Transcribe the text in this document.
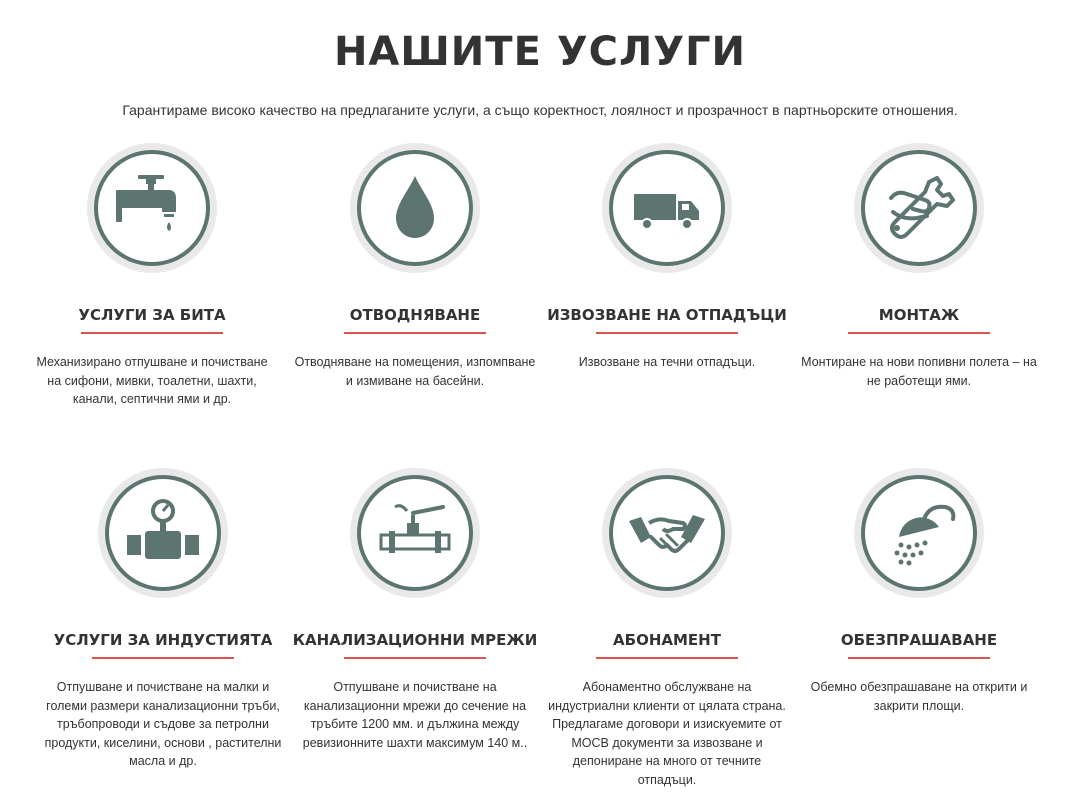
НАШИТЕ УСЛУГИ

Гарантираме високо качество на предлаганите услуги, а също коректност, лоялност и прозрачност в партньорските отношения.

УСЛУГИ ЗА БИТА

Механизирано отпушване и почистване на сифони, мивки, тоалетни, шахти, канали, септични ями и др.

ОТВОДНЯВАНЕ

Отводняване на помещения, изпомпване и измиване на басейни.

ИЗВОЗВАНЕ НА ОТПАДЪЦИ

Извозване на течни отпадъци.

МОНТАЖ

Монтиране на нови попивни полета – на не работещи ями.

УСЛУГИ ЗА ИНДУСТИЯТА

Отпушване и почистване на малки и големи размери канализационни тръби, тръбопроводи и съдове за петролни продукти, киселини, основи , растителни масла и др.

КАНАЛИЗАЦИОННИ МРЕЖИ

Отпушване и почистване на канализационни мрежи до сечение на тръбите 1200 мм. и дължина между ревизионните шахти максимум 140 м..

АБОНАМЕНТ

Абонаментно обслужване на индустриални клиенти от цялата страна. Предлагаме договори и изискуемите от МОСВ документи за извозване и депониране на много от течните отпадъци.

ОБЕЗПРАШАВАНЕ

Обемно обезпрашаване на открити и закрити площи.
